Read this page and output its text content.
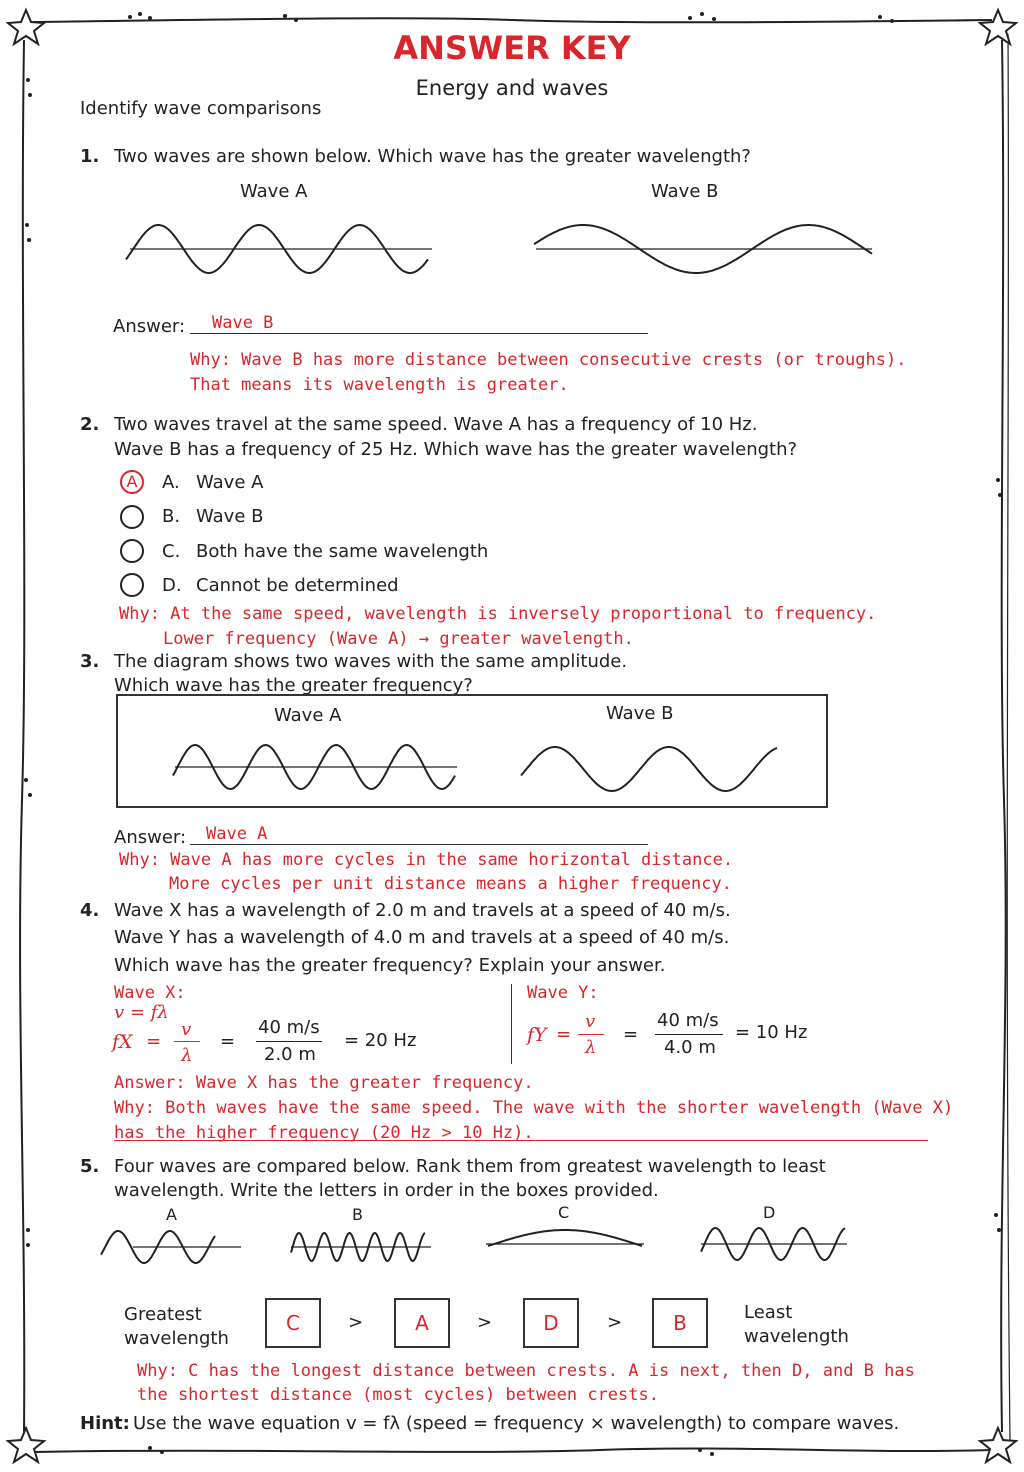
ANSWER KEY
Energy and waves
Identify wave comparisons
1. Two waves are shown below. Which wave has the greater wavelength?
Wave A	Wave B
Answer: Wave B
Why: Wave B has more distance between consecutive crests (or troughs).
That means its wavelength is greater.
2. Two waves travel at the same speed. Wave A has a frequency of 10 Hz.
Wave B has a frequency of 25 Hz. Which wave has the greater wavelength?
A	A. Wave A
B. Wave B
C. Both have the same wavelength
D. Cannot be determined
Why: At the same speed, wavelength is inversely proportional to frequency.
Lower frequency (Wave A) → greater wavelength.
3. The diagram shows two waves with the same amplitude.
Which wave has the greater frequency?
Wave A	Wave B
Answer: Wave A
Why: Wave A has more cycles in the same horizontal distance.
More cycles per unit distance means a higher frequency.
4. Wave X has a wavelength of 2.0 m and travels at a speed of 40 m/s.
Wave Y has a wavelength of 4.0 m and travels at a speed of 40 m/s.
Which wave has the greater frequency? Explain your answer.
Wave X:
v = fλ
fX =
v
λ
=
40 m/s
2.0 m
= 20 Hz
Wave Y:
fY =
v
λ
=
40 m/s
4.0 m
= 10 Hz
Answer: Wave X has the greater frequency.
Why: Both waves have the same speed. The wave with the shorter wavelength (Wave X)
has the higher frequency (20 Hz > 10 Hz).
5. Four waves are compared below. Rank them from greatest wavelength to least
wavelength. Write the letters in order in the boxes provided.
A	B	C	D
Greatest
wavelength
C	>	A	>	D	>	B	Least
wavelength
Why: C has the longest distance between crests. A is next, then D, and B has
the shortest distance (most cycles) between crests.
Hint: Use the wave equation v = fλ (speed = frequency × wavelength) to compare waves.
